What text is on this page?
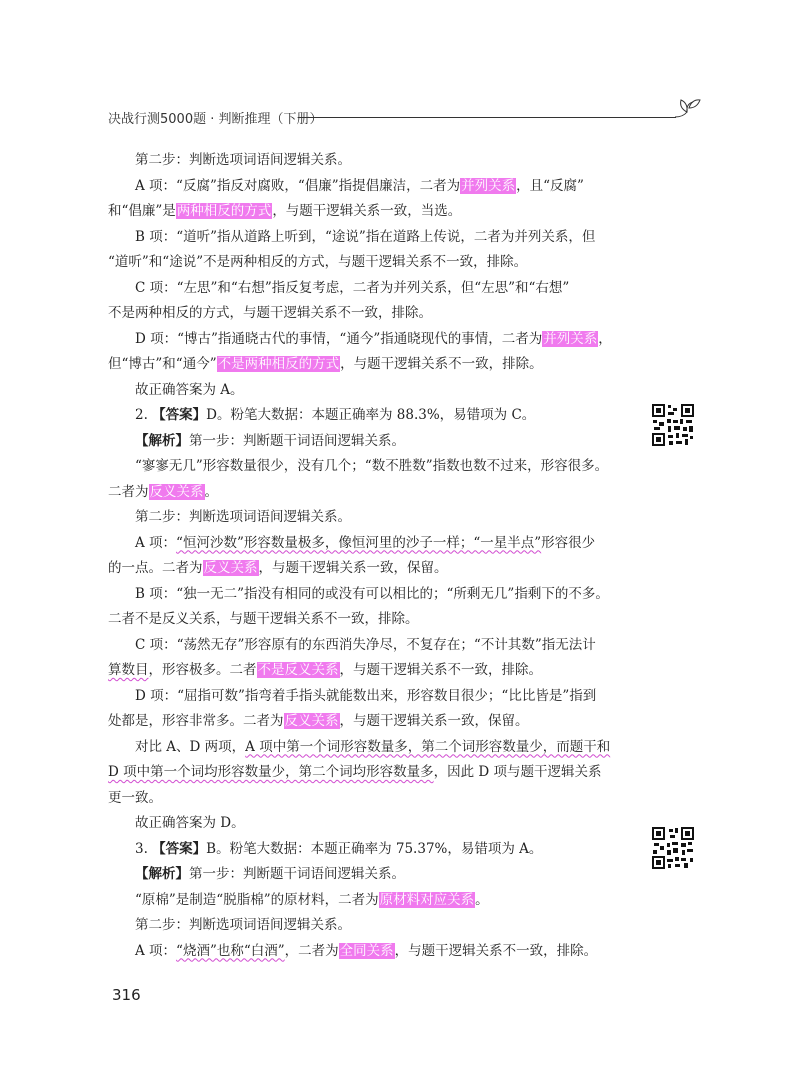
决战行测5000题 · 判断推理（下册）

第二步：判断选项词语间逻辑关系。

A 项：“反腐”指反对腐败，“倡廉”指提倡廉洁，二者为并列关系，且“反腐”

和“倡廉”是两种相反的方式，与题干逻辑关系一致，当选。

B 项：“道听”指从道路上听到，“途说”指在道路上传说，二者为并列关系，但

“道听”和“途说”不是两种相反的方式，与题干逻辑关系不一致，排除。

C 项：“左思”和“右想”指反复考虑，二者为并列关系，但“左思”和“右想”

不是两种相反的方式，与题干逻辑关系不一致，排除。

D 项：“博古”指通晓古代的事情，“通今”指通晓现代的事情，二者为并列关系，

但“博古”和“通今”不是两种相反的方式，与题干逻辑关系不一致，排除。

故正确答案为 A。

2. 【答案】D。粉笔大数据：本题正确率为 88.3%，易错项为 C。

【解析】第一步：判断题干词语间逻辑关系。

“寥寥无几”形容数量很少，没有几个；“数不胜数”指数也数不过来，形容很多。

二者为反义关系。

第二步：判断选项词语间逻辑关系。

A 项：“恒河沙数”形容数量极多，像恒河里的沙子一样；“一星半点”形容很少

的一点。二者为反义关系，与题干逻辑关系一致，保留。

B 项：“独一无二”指没有相同的或没有可以相比的；“所剩无几”指剩下的不多。

二者不是反义关系，与题干逻辑关系不一致，排除。

C 项：“荡然无存”形容原有的东西消失净尽，不复存在；“不计其数”指无法计

算数目，形容极多。二者不是反义关系，与题干逻辑关系不一致，排除。

D 项：“屈指可数”指弯着手指头就能数出来，形容数目很少；“比比皆是”指到

处都是，形容非常多。二者为反义关系，与题干逻辑关系一致，保留。

对比 A、D 两项，A 项中第一个词形容数量多，第二个词形容数量少，而题干和

D 项中第一个词均形容数量少，第二个词均形容数量多，因此 D 项与题干逻辑关系

更一致。

故正确答案为 D。

3. 【答案】B。粉笔大数据：本题正确率为 75.37%，易错项为 A。

【解析】第一步：判断题干词语间逻辑关系。

“原棉”是制造“脱脂棉”的原材料，二者为原材料对应关系。

第二步：判断选项词语间逻辑关系。

A 项：“烧酒”也称“白酒”，二者为全同关系，与题干逻辑关系不一致，排除。

316
